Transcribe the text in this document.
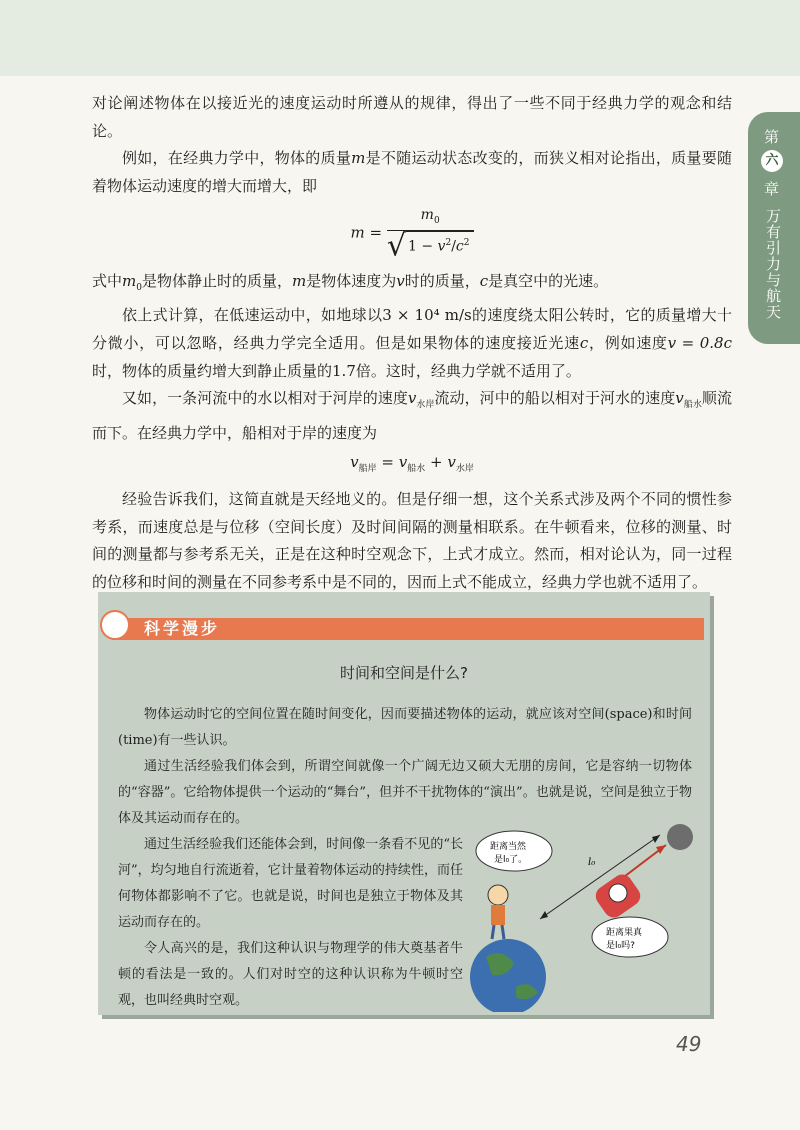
第
六
章
万有引力与航天

对论阐述物体在以接近光的速度运动时所遵从的规律，得出了一些不同于经典力学的观念和结论。

例如，在经典力学中，物体的质量m是不随运动状态改变的，而狭义相对论指出，质量要随着物体运动速度的增大而增大，即

$m = \frac{m_0}{√ 1 - v^2/c^2}$

式中$m_0$是物体静止时的质量，m是物体速度为v时的质量，c是真空中的光速。

依上式计算，在低速运动中，如地球以3 × 10⁴ m/s的速度绕太阳公转时，它的质量增大十分微小，可以忽略，经典力学完全适用。但是如果物体的速度接近光速c，例如速度v = 0.8c时，物体的质量约增大到静止质量的1.7倍。这时，经典力学就不适用了。

又如，一条河流中的水以相对于河岸的速度$v_{水岸}$流动，河中的船以相对于河水的速度$v_{船水}$顺流而下。在经典力学中，船相对于岸的速度为

$v_{船岸} = v_{船水} + v_{水岸}$

经验告诉我们，这简直就是天经地义的。但是仔细一想，这个关系式涉及两个不同的惯性参考系，而速度总是与位移（空间长度）及时间间隔的测量相联系。在牛顿看来，位移的测量、时间的测量都与参考系无关，正是在这种时空观念下，上式才成立。然而，相对论认为，同一过程的位移和时间的测量在不同参考系中是不同的，因而上式不能成立，经典力学也就不适用了。

科学漫步
时间和空间是什么?

物体运动时它的空间位置在随时间变化，因而要描述物体的运动，就应该对空间(space)和时间(time)有一些认识。

通过生活经验我们体会到，所谓空间就像一个广阔无边又硕大无朋的房间，它是容纳一切物体的“容器”。它给物体提供一个运动的“舞台”，但并不干扰物体的“演出”。也就是说，空间是独立于物体及其运动而存在的。

通过生活经验我们还能体会到，时间像一条看不见的“长河”，均匀地自行流逝着，它计量着物体运动的持续性，而任何物体都影响不了它。也就是说，时间也是独立于物体及其运动而存在的。

令人高兴的是，我们这种认识与物理学的伟大奠基者牛顿的看法是一致的。人们对时空的这种认识称为牛顿时空观，也叫经典时空观。

距离当然
是l₀了。
距离果真
是l₀吗?
l₀
49
